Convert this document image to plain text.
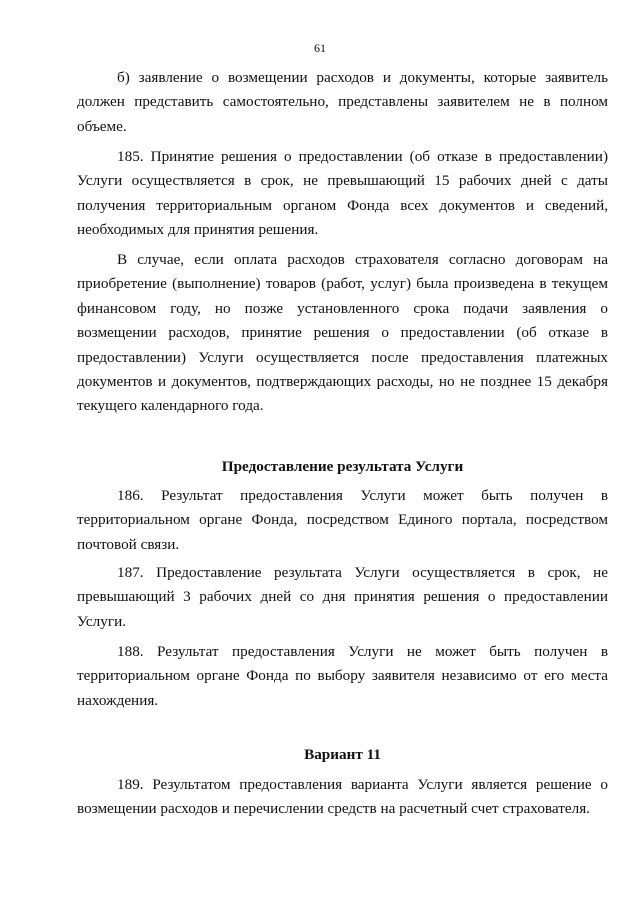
61

б) заявление о возмещении расходов и документы, которые заявитель должен представить самостоятельно, представлены заявителем не в полном объеме.

185. Принятие решения о предоставлении (об отказе в предоставлении) Услуги осуществляется в срок, не превышающий 15 рабочих дней с даты получения территориальным органом Фонда всех документов и сведений, необходимых для принятия решения.

В случае, если оплата расходов страхователя согласно договорам на приобретение (выполнение) товаров (работ, услуг) была произведена в текущем финансовом году, но позже установленного срока подачи заявления о возмещении расходов, принятие решения о предоставлении (об отказе в предоставлении) Услуги осуществляется после предоставления платежных документов и документов, подтверждающих расходы, но не позднее 15 декабря текущего календарного года.

Предоставление результата Услуги

186. Результат предоставления Услуги может быть получен в территориальном органе Фонда, посредством Единого портала, посредством почтовой связи.

187. Предоставление результата Услуги осуществляется в срок, не превышающий 3 рабочих дней со дня принятия решения о предоставлении Услуги.

188. Результат предоставления Услуги не может быть получен в территориальном органе Фонда по выбору заявителя независимо от его места нахождения.

Вариант 11

189. Результатом предоставления варианта Услуги является решение о возмещении расходов и перечислении средств на расчетный счет страхователя.
